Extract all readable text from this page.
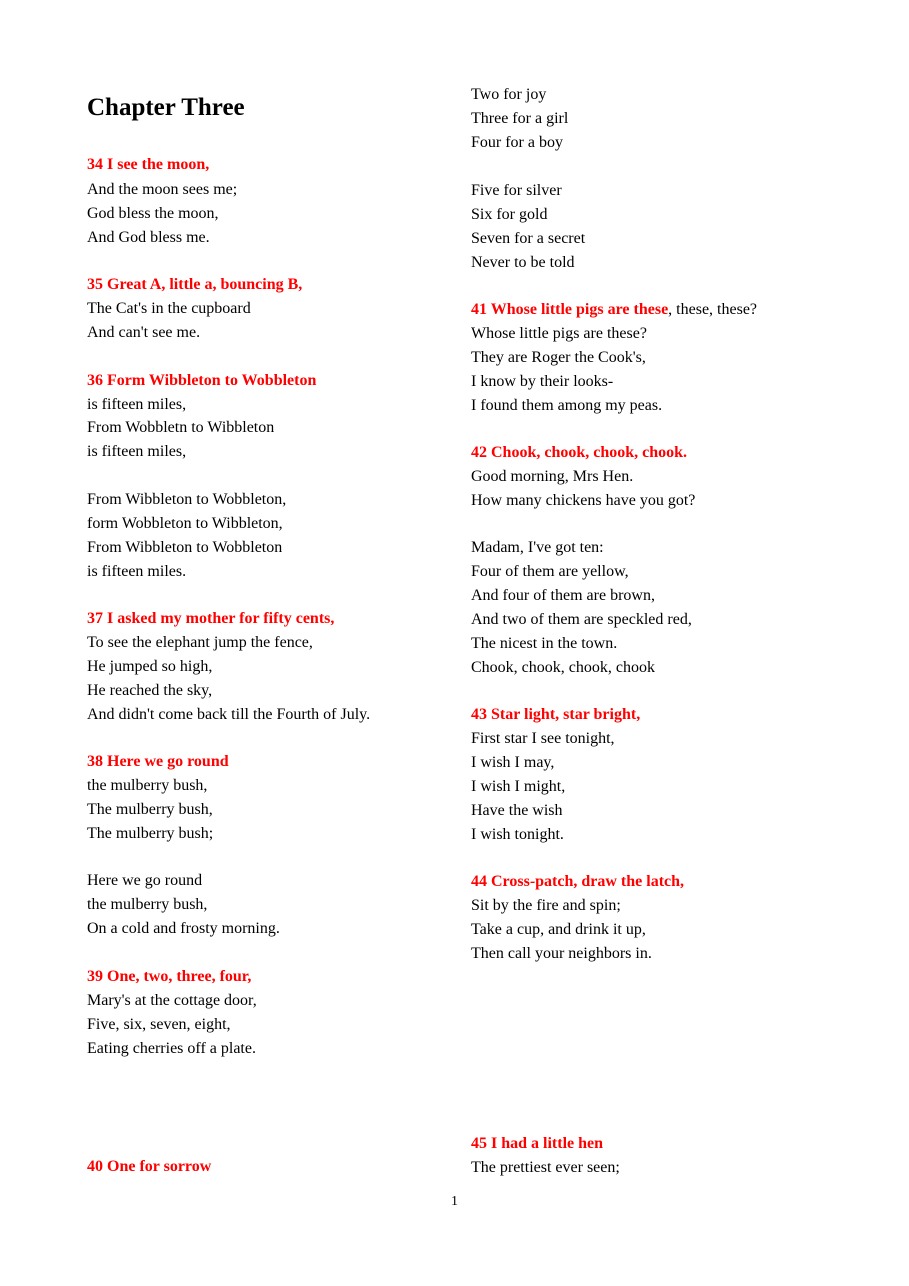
Chapter Three
34 I see the moon,
And the moon sees me;
God bless the moon,
And God bless me.
35 Great A, little a, bouncing B,
The Cat's in the cupboard
And can't see me.
36 Form Wibbleton to Wobbleton
is fifteen miles,
From Wobbletn to Wibbleton
is fifteen miles,
From Wibbleton to Wobbleton,
form Wobbleton to Wibbleton,
From Wibbleton to Wobbleton
is fifteen miles.
37 I asked my mother for fifty cents,
To see the elephant jump the fence,
He jumped so high,
He reached the sky,
And didn't come back till the Fourth of July.
38 Here we go round
the mulberry bush,
The mulberry bush,
The mulberry bush;
Here we go round
the mulberry bush,
On a cold and frosty morning.
39 One, two, three, four,
Mary's at the cottage door,
Five, six, seven, eight,
Eating cherries off a plate.
40 One for sorrow
Two for joy
Three for a girl
Four for a boy
Five for silver
Six for gold
Seven for a secret
Never to be told
41 Whose little pigs are these, these, these?
Whose little pigs are these?
They are Roger the Cook's,
I know by their looks-
I found them among my peas.
42 Chook, chook, chook, chook.
Good morning, Mrs Hen.
How many chickens have you got?
Madam, I've got ten:
Four of them are yellow,
And four of them are brown,
And two of them are speckled red,
The nicest in the town.
Chook, chook, chook, chook
43 Star light, star bright,
First star I see tonight,
I wish I may,
I wish I might,
Have the wish
I wish tonight.
44 Cross-patch, draw the latch,
Sit by the fire and spin;
Take a cup, and drink it up,
Then call your neighbors in.
45 I had a little hen
The prettiest ever seen;
1
